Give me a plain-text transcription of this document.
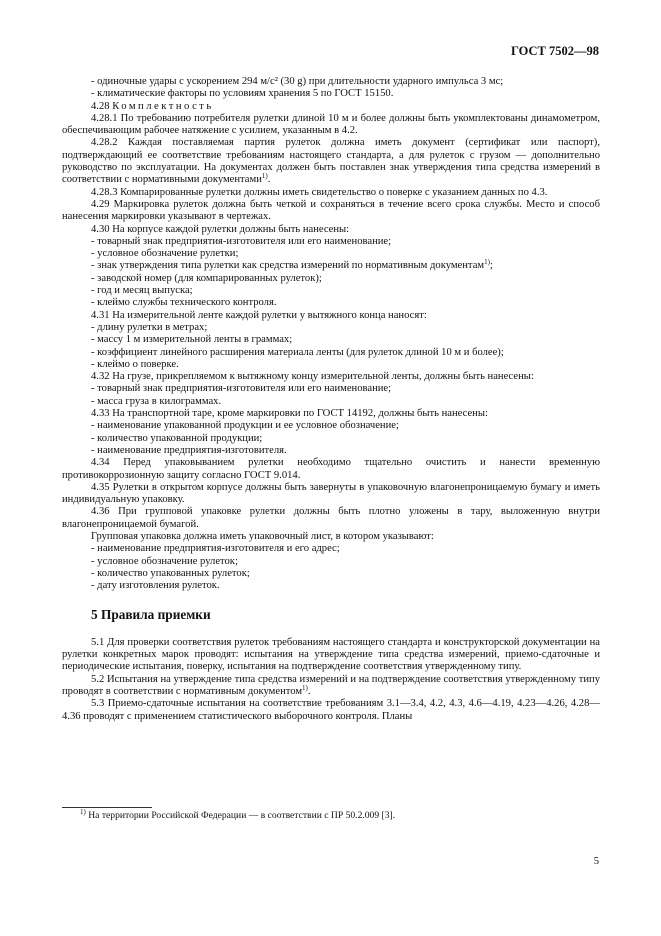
ГОСТ 7502—98

- одиночные удары с ускорением 294 м/с² (30 g) при длительности ударного импульса 3 мс;

- климатические факторы по условиям хранения 5 по ГОСТ 15150.

4.28 Комплектность

4.28.1 По требованию потребителя рулетки длиной 10 м и более должны быть укомплектованы динамометром, обеспечивающим рабочее натяжение с усилием, указанным в 4.2.

4.28.2 Каждая поставляемая партия рулеток должна иметь документ (сертификат или паспорт), подтверждающий ее соответствие требованиям настоящего стандарта, а для рулеток с грузом — дополнительно руководство по эксплуатации. На документах должен быть поставлен знак утверждения типа средства измерений в соответствии с нормативными документами$^{1)}$.

4.28.3 Компарированные рулетки должны иметь свидетельство о поверке с указанием данных по 4.3.

4.29 Маркировка рулеток должна быть четкой и сохраняться в течение всего срока службы. Место и способ нанесения маркировки указывают в чертежах.

4.30 На корпусе каждой рулетки должны быть нанесены:

- товарный знак предприятия-изготовителя или его наименование;

- условное обозначение рулетки;

- знак утверждения типа рулетки как средства измерений по нормативным документам$^{1)}$;

- заводской номер (для компарированных рулеток);

- год и месяц выпуска;

- клеймо службы технического контроля.

4.31 На измерительной ленте каждой рулетки у вытяжного конца наносят:

- длину рулетки в метрах;

- массу 1 м измерительной ленты в граммах;

- коэффициент линейного расширения материала ленты (для рулеток длиной 10 м и более);

- клеймо о поверке.

4.32 На грузе, прикрепляемом к вытяжному концу измерительной ленты, должны быть нанесены:

- товарный знак предприятия-изготовителя или его наименование;

- масса груза в килограммах.

4.33 На транспортной таре, кроме маркировки по ГОСТ 14192, должны быть нанесены:

- наименование упакованной продукции и ее условное обозначение;

- количество упакованной продукции;

- наименование предприятия-изготовителя.

4.34 Перед упаковыванием рулетки необходимо тщательно очистить и нанести временную противокоррозионную защиту согласно ГОСТ 9.014.

4.35 Рулетки в открытом корпусе должны быть завернуты в упаковочную влагонепроницаемую бумагу и иметь индивидуальную упаковку.

4.36 При групповой упаковке рулетки должны быть плотно уложены в тару, выложенную внутри влагонепроницаемой бумагой.

Групповая упаковка должна иметь упаковочный лист, в котором указывают:

- наименование предприятия-изготовителя и его адрес;

- условное обозначение рулеток;

- количество упакованных рулеток;

- дату изготовления рулеток.

5 Правила приемки

5.1 Для проверки соответствия рулеток требованиям настоящего стандарта и конструкторской документации на рулетки конкретных марок проводят: испытания на утверждение типа средства измерений, приемо-сдаточные и периодические испытания, поверку, испытания на подтверждение соответствия утвержденному типу.

5.2 Испытания на утверждение типа средства измерений и на подтверждение соответствия утвержденному типу проводят в соответствии с нормативным документом$^{1)}$.

5.3 Приемо-сдаточные испытания на соответствие требованиям 3.1—3.4, 4.2, 4.3, 4.6—4.19, 4.23—4.26, 4.28—4.36 проводят с применением статистического выборочного контроля. Планы

$^{1)}$ На территории Российской Федерации — в соответствии с ПР 50.2.009 [3].
5
